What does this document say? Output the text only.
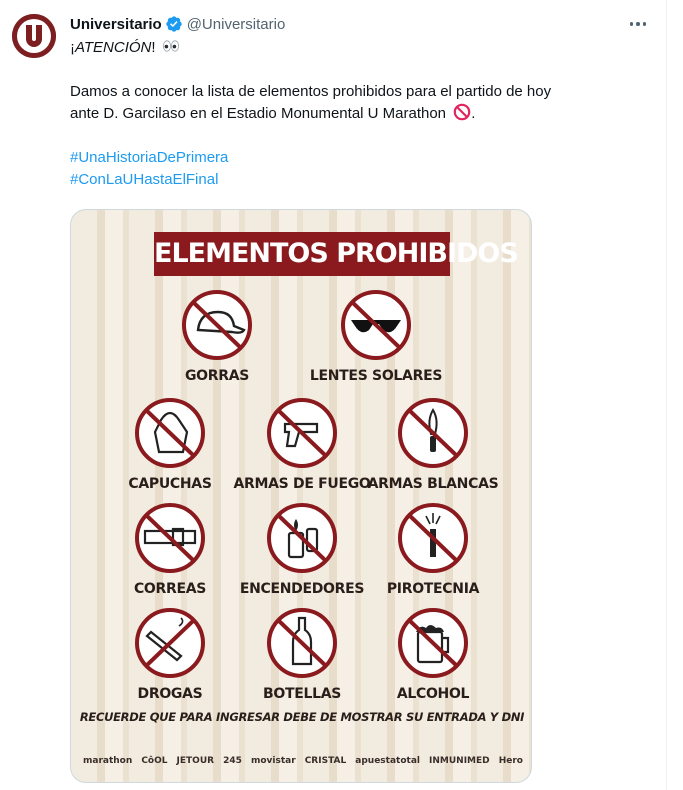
Universitario @Universitario
¡ATENCIÓN!
Damos a conocer la lista de elementos prohibidos para el partido de hoy
ante D. Garcilaso en el Estadio Monumental U Marathon .
#UnaHistoriaDePrimera
#ConLaUHastaElFinal
ELEMENTOS PROHIBIDOS
GORRAS	LENTES SOLARES
CAPUCHAS	ARMAS DE FUEGO
ARMAS BLANCAS
CORREAS	ENCENDEDORES	PIROTECNIA
DROGAS	BOTELLAS	ALCOHOL
RECUERDE QUE PARA INGRESAR DEBE DE MOSTRAR SU ENTRADA Y DNI
marathon CôOL JETOUR 245 movistar CRISTAL apuestatotal INMUNIMED Hero
